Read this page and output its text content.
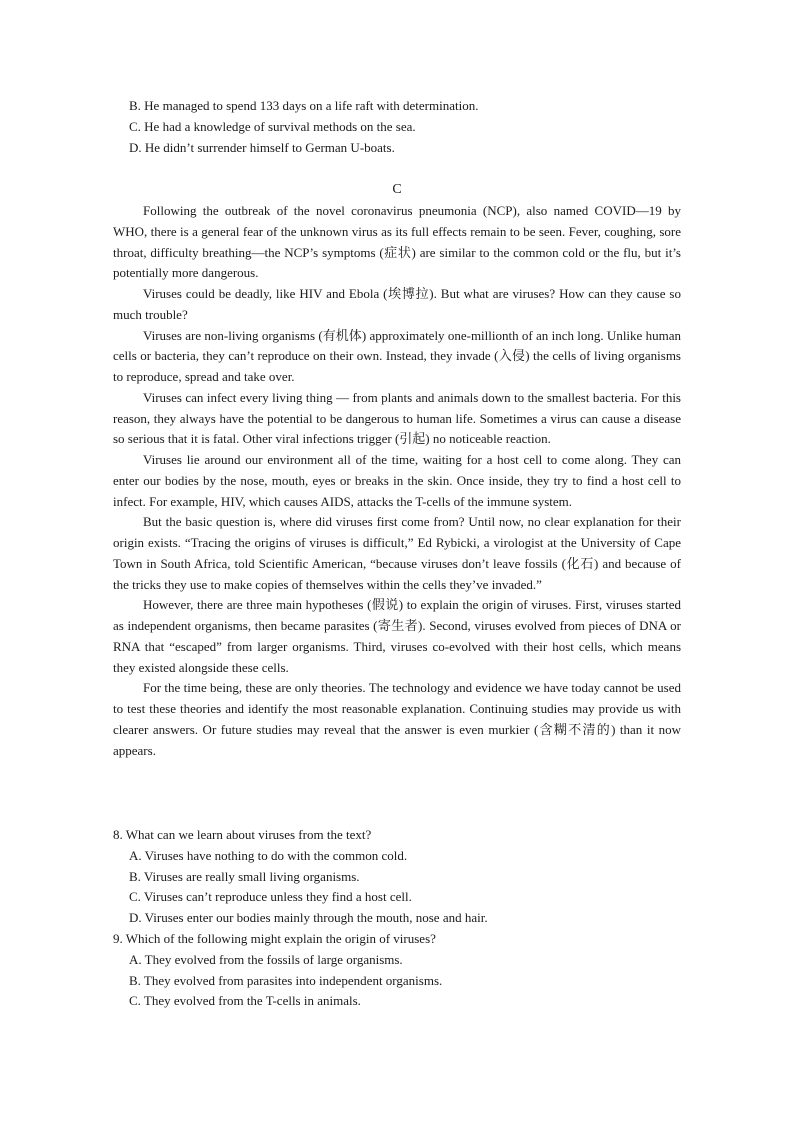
B. He managed to spend 133 days on a life raft with determination.
C. He had a knowledge of survival methods on the sea.
D. He didn’t surrender himself to German U-boats.
C

Following the outbreak of the novel coronavirus pneumonia (NCP), also named COVID—19 by WHO, there is a general fear of the unknown virus as its full effects remain to be seen. Fever, coughing, sore throat, difficulty breathing—the NCP’s symptoms (症状) are similar to the common cold or the flu, but it’s potentially more dangerous.

Viruses could be deadly, like HIV and Ebola (埃博拉). But what are viruses? How can they cause so much trouble?

Viruses are non-living organisms (有机体) approximately one-millionth of an inch long. Unlike human cells or bacteria, they can’t reproduce on their own. Instead, they invade (入侵) the cells of living organisms to reproduce, spread and take over.

Viruses can infect every living thing — from plants and animals down to the smallest bacteria. For this reason, they always have the potential to be dangerous to human life. Sometimes a virus can cause a disease so serious that it is fatal. Other viral infections trigger (引起) no noticeable reaction.

Viruses lie around our environment all of the time, waiting for a host cell to come along. They can enter our bodies by the nose, mouth, eyes or breaks in the skin. Once inside, they try to find a host cell to infect. For example, HIV, which causes AIDS, attacks the T-cells of the immune system.

But the basic question is, where did viruses first come from? Until now, no clear explanation for their origin exists. “Tracing the origins of viruses is difficult,” Ed Rybicki, a virologist at the University of Cape Town in South Africa, told Scientific American, “because viruses don’t leave fossils (化石) and because of the tricks they use to make copies of themselves within the cells they’ve invaded.”

However, there are three main hypotheses (假说) to explain the origin of viruses. First, viruses started as independent organisms, then became parasites (寄生者). Second, viruses evolved from pieces of DNA or RNA that “escaped” from larger organisms. Third, viruses co-evolved with their host cells, which means they existed alongside these cells.

For the time being, these are only theories. The technology and evidence we have today cannot be used to test these theories and identify the most reasonable explanation. Continuing studies may provide us with clearer answers. Or future studies may reveal that the answer is even murkier (含糊不清的) than it now appears.

8. What can we learn about viruses from the text?
A. Viruses have nothing to do with the common cold.
B. Viruses are really small living organisms.
C. Viruses can’t reproduce unless they find a host cell.
D. Viruses enter our bodies mainly through the mouth, nose and hair.
9. Which of the following might explain the origin of viruses?
A. They evolved from the fossils of large organisms.
B. They evolved from parasites into independent organisms.
C. They evolved from the T-cells in animals.
